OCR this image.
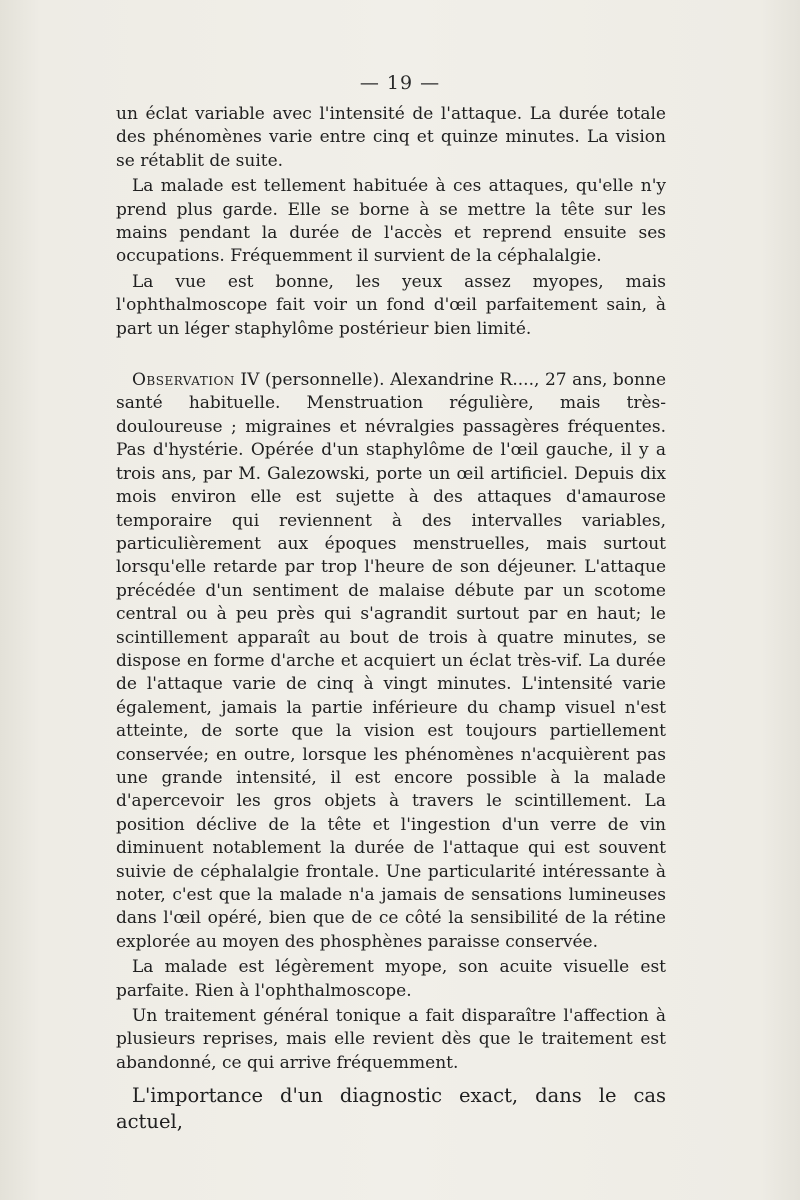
— 19 —

un éclat variable avec l'intensité de l'attaque. La durée totale des phénomènes varie entre cinq et quinze minutes. La vision se rétablit de suite.

La malade est tellement habituée à ces attaques, qu'elle n'y prend plus garde. Elle se borne à se mettre la tête sur les mains pendant la durée de l'accès et reprend ensuite ses occupations. Fréquemment il survient de la céphalalgie.

La vue est bonne, les yeux assez myopes, mais l'ophthalmoscope fait voir un fond d'œil parfaitement sain, à part un léger staphylôme postérieur bien limité.

Observation IV (personnelle). Alexandrine R...., 27 ans, bonne santé habituelle. Menstruation régulière, mais très-douloureuse ; migraines et névralgies passagères fréquentes. Pas d'hystérie. Opérée d'un staphylôme de l'œil gauche, il y a trois ans, par M. Galezowski, porte un œil artificiel. Depuis dix mois environ elle est sujette à des attaques d'amaurose temporaire qui reviennent à des intervalles variables, particulièrement aux époques menstruelles, mais surtout lorsqu'elle retarde par trop l'heure de son déjeuner. L'attaque précédée d'un sentiment de malaise débute par un scotome central ou à peu près qui s'agrandit surtout par en haut; le scintillement apparaît au bout de trois à quatre minutes, se dispose en forme d'arche et acquiert un éclat très-vif. La durée de l'attaque varie de cinq à vingt minutes. L'intensité varie également, jamais la partie inférieure du champ visuel n'est atteinte, de sorte que la vision est toujours partiellement conservée; en outre, lorsque les phénomènes n'acquièrent pas une grande intensité, il est encore possible à la malade d'apercevoir les gros objets à travers le scintillement. La position déclive de la tête et l'ingestion d'un verre de vin diminuent notablement la durée de l'attaque qui est souvent suivie de céphalalgie frontale. Une particularité intéressante à noter, c'est que la malade n'a jamais de sensations lumineuses dans l'œil opéré, bien que de ce côté la sensibilité de la rétine explorée au moyen des phosphènes paraisse conservée.

La malade est légèrement myope, son acuite visuelle est parfaite. Rien à l'ophthalmoscope.

Un traitement général tonique a fait disparaître l'affection à plusieurs reprises, mais elle revient dès que le traitement est abandonné, ce qui arrive fréquemment.

L'importance d'un diagnostic exact, dans le cas actuel,
